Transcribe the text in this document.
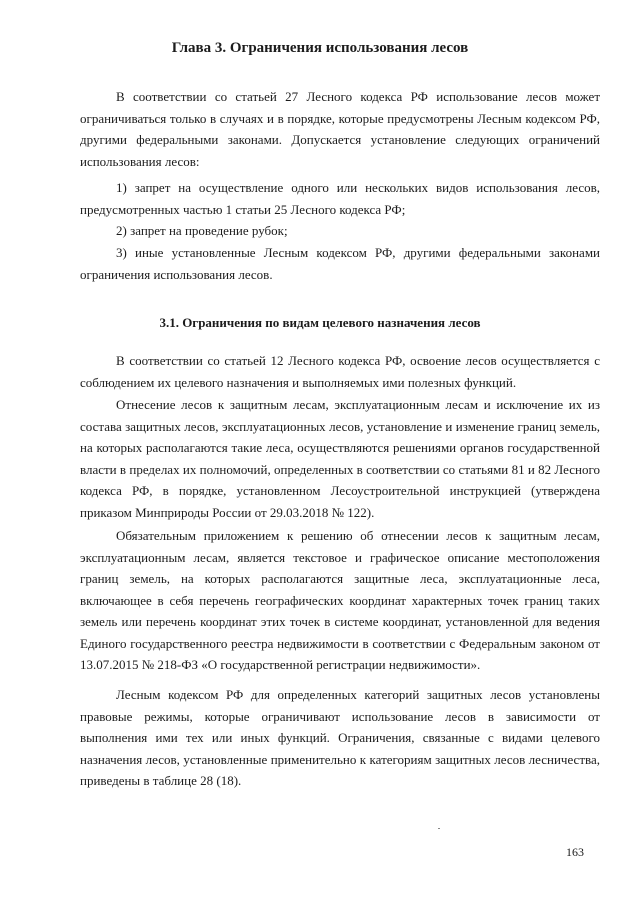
Глава 3. Ограничения использования лесов

В соответствии со статьей 27 Лесного кодекса РФ использование лесов может ограничиваться только в случаях и в порядке, которые предусмотрены Лесным кодексом РФ, другими федеральными законами. Допускается установление следующих ограничений использования лесов:

1) запрет на осуществление одного или нескольких видов использования лесов, предусмотренных частью 1 статьи 25 Лесного кодекса РФ;

2) запрет на проведение рубок;

3) иные установленные Лесным кодексом РФ, другими федеральными законами ограничения использования лесов.

3.1. Ограничения по видам целевого назначения лесов

В соответствии со статьей 12 Лесного кодекса РФ, освоение лесов осуществляется с соблюдением их целевого назначения и выполняемых ими полезных функций.

Отнесение лесов к защитным лесам, эксплуатационным лесам и исключение их из состава защитных лесов, эксплуатационных лесов, установление и изменение границ земель, на которых располагаются такие леса, осуществляются решениями органов государственной власти в пределах их полномочий, определенных в соответствии со статьями 81 и 82 Лесного кодекса РФ, в порядке, установленном Лесоустроительной инструкцией (утверждена приказом Минприроды России от 29.03.2018 № 122).

Обязательным приложением к решению об отнесении лесов к защитным лесам, эксплуатационным лесам, является текстовое и графическое описание местоположения границ земель, на которых располагаются защитные леса, эксплуатационные леса, включающее в себя перечень географических координат характерных точек границ таких земель или перечень координат этих точек в системе координат, установленной для ведения Единого государственного реестра недвижимости в соответствии с Федеральным законом от 13.07.2015 № 218-ФЗ «О государственной регистрации недвижимости».

Лесным кодексом РФ для определенных категорий защитных лесов установлены правовые режимы, которые ограничивают использование лесов в зависимости от выполнения ими тех или иных функций. Ограничения, связанные с видами целевого назначения лесов, установленные применительно к категориям защитных лесов лесничества, приведены в таблице 28 (18).

163
